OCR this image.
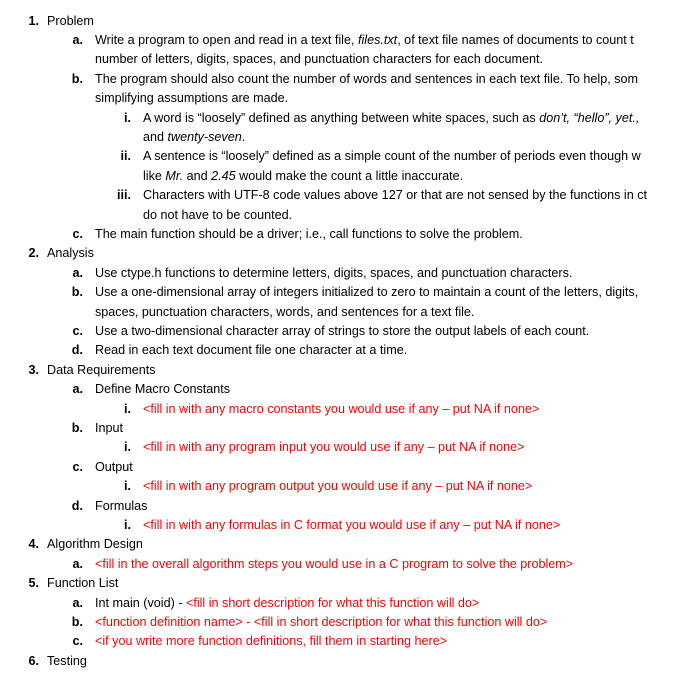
1. Problem
a. Write a program to open and read in a text file, files.txt, of text file names of documents to count t
number of letters, digits, spaces, and punctuation characters for each document.
b. The program should also count the number of words and sentences in each text file. To help, som
simplifying assumptions are made.
i. A word is “loosely” defined as anything between white spaces, such as don’t, “hello”, yet.,
and twenty-seven.
ii. A sentence is “loosely” defined as a simple count of the number of periods even though w
like Mr. and 2.45 would make the count a little inaccurate.
iii. Characters with UTF-8 code values above 127 or that are not sensed by the functions in ct
do not have to be counted.
c. The main function should be a driver; i.e., call functions to solve the problem.
2. Analysis
a. Use ctype.h functions to determine letters, digits, spaces, and punctuation characters.
b. Use a one-dimensional array of integers initialized to zero to maintain a count of the letters, digits,
spaces, punctuation characters, words, and sentences for a text file.
c. Use a two-dimensional character array of strings to store the output labels of each count.
d. Read in each text document file one character at a time.
3. Data Requirements
a. Define Macro Constants
i. <fill in with any macro constants you would use if any – put NA if none>
b. Input
i. <fill in with any program input you would use if any – put NA if none>
c. Output
i. <fill in with any program output you would use if any – put NA if none>
d. Formulas
i. <fill in with any formulas in C format you would use if any – put NA if none>
4. Algorithm Design
a. <fill in the overall algorithm steps you would use in a C program to solve the problem>
5. Function List
a. Int main (void) - <fill in short description for what this function will do>
b. <function definition name> - <fill in short description for what this function will do>
c. <if you write more function definitions, fill them in starting here>
6. Testing
